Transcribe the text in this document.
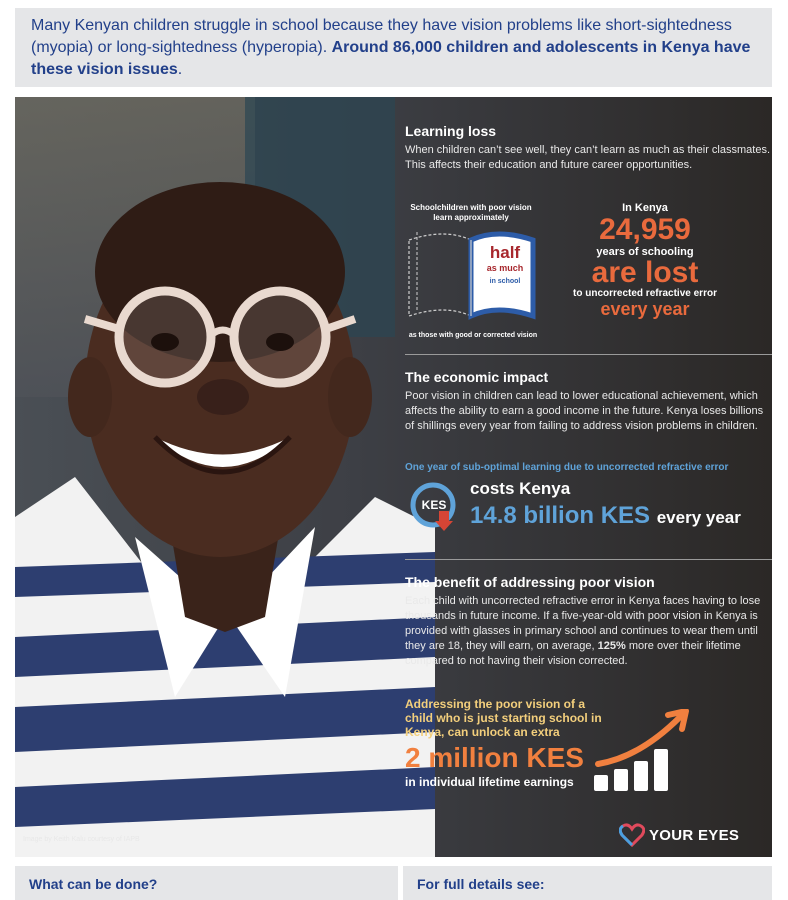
Many Kenyan children struggle in school because they have vision problems like short-sightedness (myopia) or long-sightedness (hyperopia). Around 86,000 children and adolescents in Kenya have these vision issues.
Image by Keith Kalu courtesy of IAPB
Learning loss

When children can’t see well, they can’t learn as much as their classmates. This affects their education and future career opportunities.

Schoolchildren with poor vision learn approximately
half
as much
in school
as those with good or corrected vision
In Kenya
24,959
years of schooling
are lost
to uncorrected refractive error
every year
The economic impact

Poor vision in children can lead to lower educational achievement, which affects the ability to earn a good income in the future. Kenya loses billions of shillings every year from failing to address vision problems in children.

One year of sub-optimal learning due to uncorrected refractive error
KES
costs Kenya
14.8 billion KES every year
The benefit of addressing poor vision

Each child with uncorrected refractive error in Kenya faces having to lose thousands in future income. If a five-year-old with poor vision in Kenya is provided with glasses in primary school and continues to wear them until they are 18, they will earn, on average, 125% more over their lifetime compared to not having their vision corrected.

Addressing the poor vision of a child who is just starting school in Kenya, can unlock an extra
2 million KES
in individual lifetime earnings
YOUR EYES
What can be done?	For full details see:
